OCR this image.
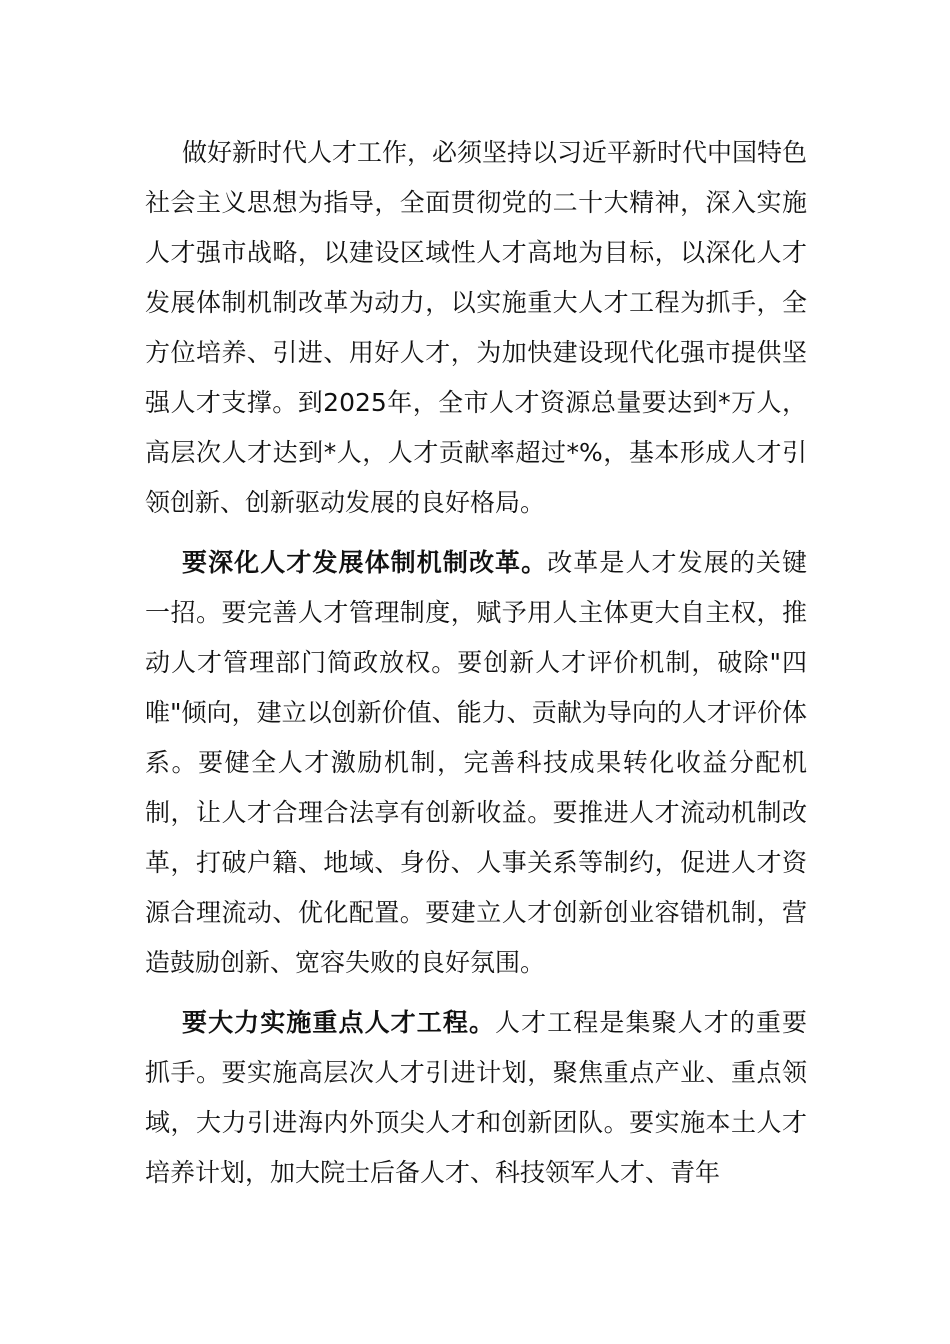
做好新时代人才工作，必须坚持以习近平新时代中国特色社会主义思想为指导，全面贯彻党的二十大精神，深入实施人才强市战略，以建设区域性人才高地为目标，以深化人才发展体制机制改革为动力，以实施重大人才工程为抓手，全方位培养、引进、用好人才，为加快建设现代化强市提供坚强人才支撑。到2025年，全市人才资源总量要达到*万人，高层次人才达到*人，人才贡献率超过*%，基本形成人才引领创新、创新驱动发展的良好格局。

要深化人才发展体制机制改革。改革是人才发展的关键一招。要完善人才管理制度，赋予用人主体更大自主权，推动人才管理部门简政放权。要创新人才评价机制，破除"四唯"倾向，建立以创新价值、能力、贡献为导向的人才评价体系。要健全人才激励机制，完善科技成果转化收益分配机制，让人才合理合法享有创新收益。要推进人才流动机制改革，打破户籍、地域、身份、人事关系等制约，促进人才资源合理流动、优化配置。要建立人才创新创业容错机制，营造鼓励创新、宽容失败的良好氛围。

要大力实施重点人才工程。人才工程是集聚人才的重要抓手。要实施高层次人才引进计划，聚焦重点产业、重点领域，大力引进海内外顶尖人才和创新团队。要实施本土人才培养计划，加大院士后备人才、科技领军人才、青年
